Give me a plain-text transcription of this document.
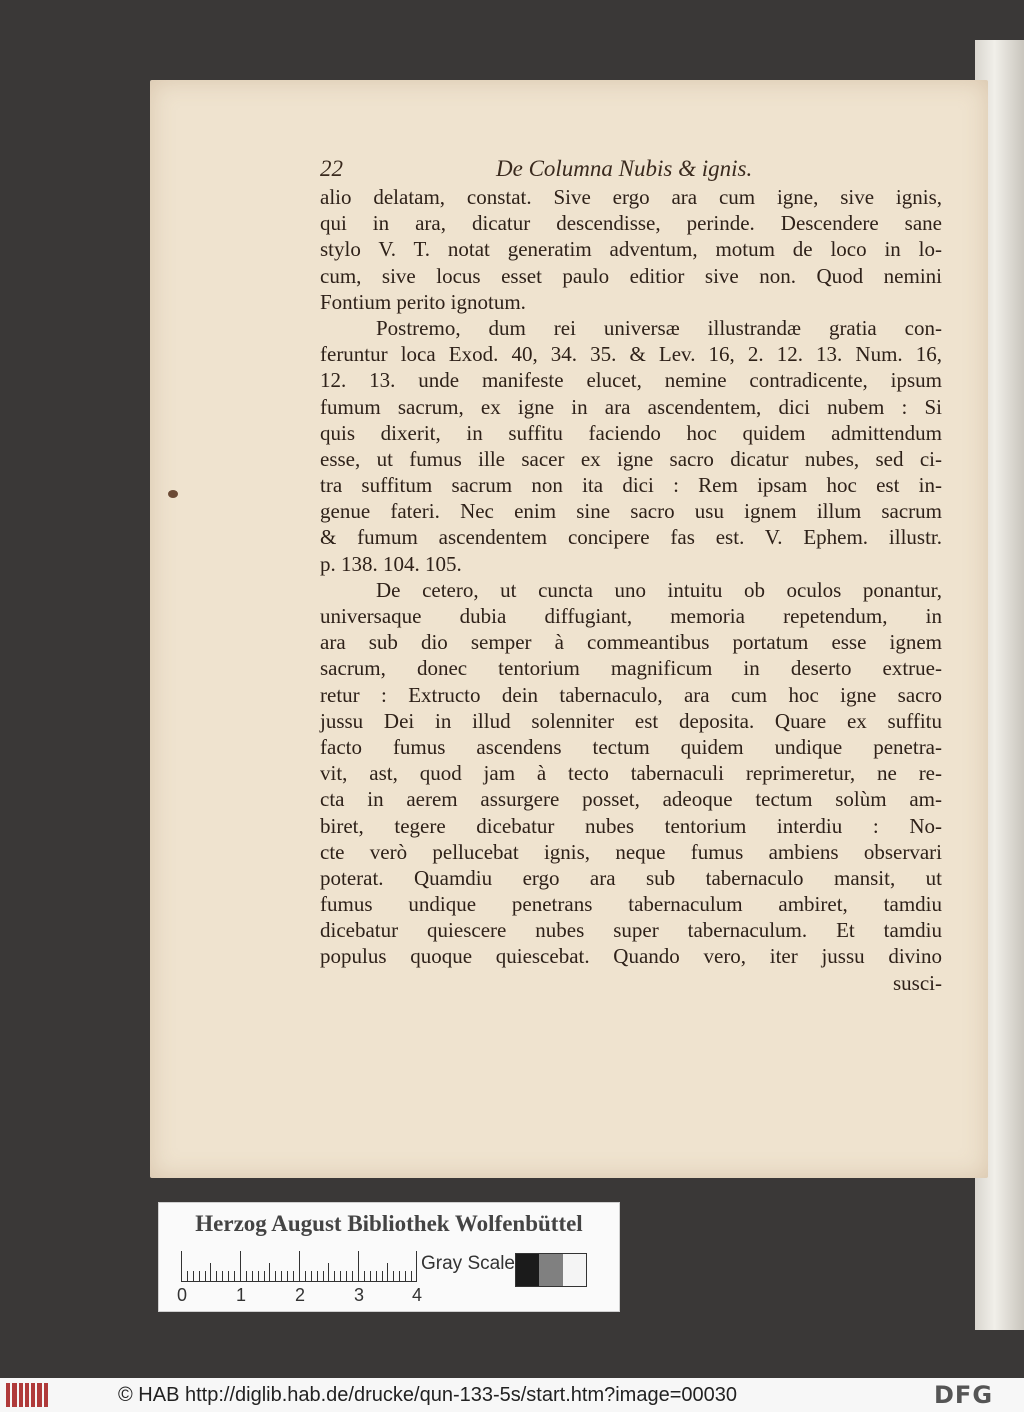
22	De Columna Nubis & ignis.
alio delatam, constat. Sive ergo ara cum igne, sive ignis,
qui in ara, dicatur descendisse, perinde. Descendere sane
stylo V. T. notat generatim adventum, motum de loco in lo-
cum, sive locus esset paulo editior sive non. Quod nemini
Fontium perito ignotum.
Postremo, dum rei universæ illustrandæ gratia con-
feruntur loca Exod. 40, 34. 35. & Lev. 16, 2. 12. 13. Num. 16,
12. 13. unde manifeste elucet, nemine contradicente, ipsum
fumum sacrum, ex igne in ara ascendentem, dici nubem : Si
quis dixerit, in suffitu faciendo hoc quidem admittendum
esse, ut fumus ille sacer ex igne sacro dicatur nubes, sed ci-
tra suffitum sacrum non ita dici : Rem ipsam hoc est in-
genue fateri. Nec enim sine sacro usu ignem illum sacrum
& fumum ascendentem concipere fas est. V. Ephem. illustr.
p. 138. 104. 105.
De cetero, ut cuncta uno intuitu ob oculos ponantur,
universaque dubia diffugiant, memoria repetendum, in
ara sub dio semper à commeantibus portatum esse ignem
sacrum, donec tentorium magnificum in deserto extrue-
retur : Extructo dein tabernaculo, ara cum hoc igne sacro
jussu Dei in illud solenniter est deposita. Quare ex suffitu
facto fumus ascendens tectum quidem undique penetra-
vit, ast, quod jam à tecto tabernaculi reprimeretur, ne re-
cta in aerem assurgere posset, adeoque tectum solùm am-
biret, tegere dicebatur nubes tentorium interdiu : No-
cte verò pellucebat ignis, neque fumus ambiens observari
poterat. Quamdiu ergo ara sub tabernaculo mansit, ut
fumus undique penetrans tabernaculum ambiret, tamdiu
dicebatur quiescere nubes super tabernaculum. Et tamdiu
populus quoque quiescebat. Quando vero, iter jussu divino
susci-
Herzog August Bibliothek Wolfenbüttel
0	1	2	3	4
Gray Scale
© HAB http://diglib.hab.de/drucke/qun-133-5s/start.htm?image=00030	DFG
